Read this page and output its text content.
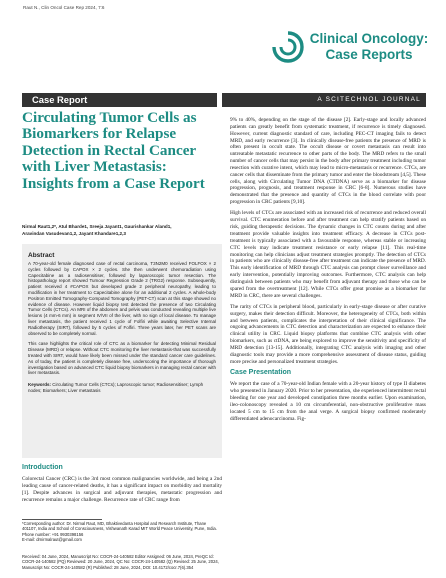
Raut N., Clin Oncol Case Rep 2024, 7:6
Clinical Oncology:
Case Reports
Case Report	A SCITECHNOL JOURNAL
Circulating Tumor Cells as Biomarkers for Relapse Detection in Rectal Cancer with Liver Metastasis: Insights from a Case Report
Nirmal Raut1,2*, Atul Bharde1, Sreeja Jayant1, Gaurishankar Aland1,
Aravindan Vasudevan1,2, Jayant Khandare1,2,3

Abstract

A 70-year-old female diagnosed case of rectal carcinoma, T3N2M0 received FOLFOX × 2 cycles followed by CAPOX × 2 cycles. She then underwent chemoradiation using Capecitabine as a radiosensitiser, followed by laparoscopic tumor resection. The histopathology report showed Tumour Regression Grade 2 (TRG2) response. Subsequently, patient received 4 #CAPOX but developed grade 2 peripheral neuropathy, leading to modification in her treatment to Capecitabine alone for an additional 2 cycles. A whole-body Positron Emitted Tomography-Computed Tomography (PET-CT) scan at this stage showed no evidence of disease. However liquid biopsy test detected the presence of two Circulating Tumor Cells (CTCs). An MRI of the abdomen and pelvis was conducted revealing multiple live lesions (4 mm-6 mm) in segment IV/VII of the liver, with no sign of local disease. To manage liver metastasis, the patient received 1 cycle of Folfiri while awaiting Selective Internal Radiotherapy (SIRT), followed by 5 cycles of Folfiri. Three years later, her PET scans are observed to be completely normal.

This case highlights the critical role of CTC as a biomarker for detecting Minimal Residual Disease (MRD) or relapse. Without CTC monitoring the liver metastasis-that was successfully treated with SIRT, would have likely been missed under the standard cancer care guidelines. As of today, the patient is completely disease free, underscoring the importance of thorough investigation based on advanced CTC liquid biopsy biomarkers in managing rectal cancer with liver metastasis.

Keywords: Circulating Tumor Cells (CTCs); Laproscopic tumor; Radiosensitiser; Lymph nodes; Biomarkers; Liver metastasis

Introduction

Colorectal Cancer (CRC) is the 3rd most common malignancies worldwide, and being a 2nd leading cause of cancer-related deaths, it has a significant impact on morbidity and mortality [1]. Despite advances in surgical and adjuvant therapies, metastatic progression and recurrence remains a major challenge. Recurrence rate of CRC range from

*Corresponding author: Dr. Nirmal Raut, MD, Bhaktivedanta Hospital and Research Institute, Thane 401107, India and School of Consciousness, Vishwanath Karad MIT World Peace University, Pune, India. Phone number: +91 9930398156

E-mail: drnirmalraut@gmail.com

Received: 04 June, 2024, Manuscript No: COCR-24-140582 Editor Assigned: 06 June, 2024, PreQC Id: COCR-24-140582 (PQ) Reviewed: 20 June, 2024, QC No: COCR-24-140582 (Q) Revised: 25 June, 2024, Manuscript No: COCR-24-140582 (R) Published: 28 June, 2024, DOI: 10.4172/cocr.7(6).354

9% to 40%, depending on the stage of the disease [2]. Early-stage and locally advanced patients can greatly benefit from systematic treatment, if recurrence is timely diagnosed. However, current diagnostic standard of care, including PEC-CT imaging fails to detect MRD, and early recurrence [3]. In clinically disease-free patients the presence of MRD is often present in occult state. The occult disease or covert metastasis can result into untreatable metastatic recurrence to other parts of the body. The MRD refers to the small number of cancer cells that may persist in the body after primary treatment including tumor resection with curative intent, which may lead to micro-metastasis or recurrence. CTCs, are cancer cells that disseminate from the primary tumor and enter the bloodstream [4,5]. These cells, along with Circulating Tumor DNA (CTDNA) serve as a biomarker for disease progression, prognosis, and treatment response in CRC [6-8]. Numerous studies have demonstrated that the presence and quantity of CTCs in the blood correlate with poor progression in CRC patients [9,10].

High levels of CTCs are associated with an increased risk of recurrence and reduced overall survival. CTC enumeration before and after treatment can help stratify patients based on risk, guiding therapeutic decisions. The dynamic changes in CTC counts during and after treatment provide valuable insights into treatment efficacy. A decrease in CTCs post-treatment is typically associated with a favourable response, whereas stable or increasing CTC levels may indicate treatment resistance or early relapse [11]. This real-time monitoring can help clinicians adjust treatment strategies promptly. The detection of CTCs in patients who are clinically disease-free after treatment can indicate the presence of MRD. This early identification of MRD through CTC analysis can prompt closer surveillance and early intervention, potentially improving outcomes. Furthermore, CTC analysis can help distinguish between patients who may benefit from adjuvant therapy and those who can be spared from the overtreatment [12]. While CTCs offer great promise as a biomarker for MRD in CRC, there are several challenges.

The rarity of CTCs in peripheral blood, particularly in early-stage disease or after curative surgery, makes their detection difficult. Moreover, the heterogeneity of CTCs, both within and between patients, complicates the interpretation of their clinical significance. The ongoing advancements in CTC detection and characterization are expected to enhance their clinical utility in CRC. Liquid biopsy platforms that combine CTC analysis with other biomarkers, such as ctDNA, are being explored to improve the sensitivity and specificity of MRD detection [13-15]. Additionally, integrating CTC analysis with imaging and other diagnostic tools may provide a more comprehensive assessment of disease status, guiding more precise and personalized treatment strategies.

Case Presentation

We report the case of a 70-year-old Indian female with a 20-year history of type II diabetes who presented in January 2020. Prior to her presentation, she experienced intermittent rectal bleeding for one year and developed constipation three months earlier. Upon examination, ileo-colonoscopy revealed a 10 cm circumferential, non-obstructive proliferative mass located 5 cm to 15 cm from the anal verge. A surgical biopsy confirmed moderately differentiated adenocarcinoma. Fig-
